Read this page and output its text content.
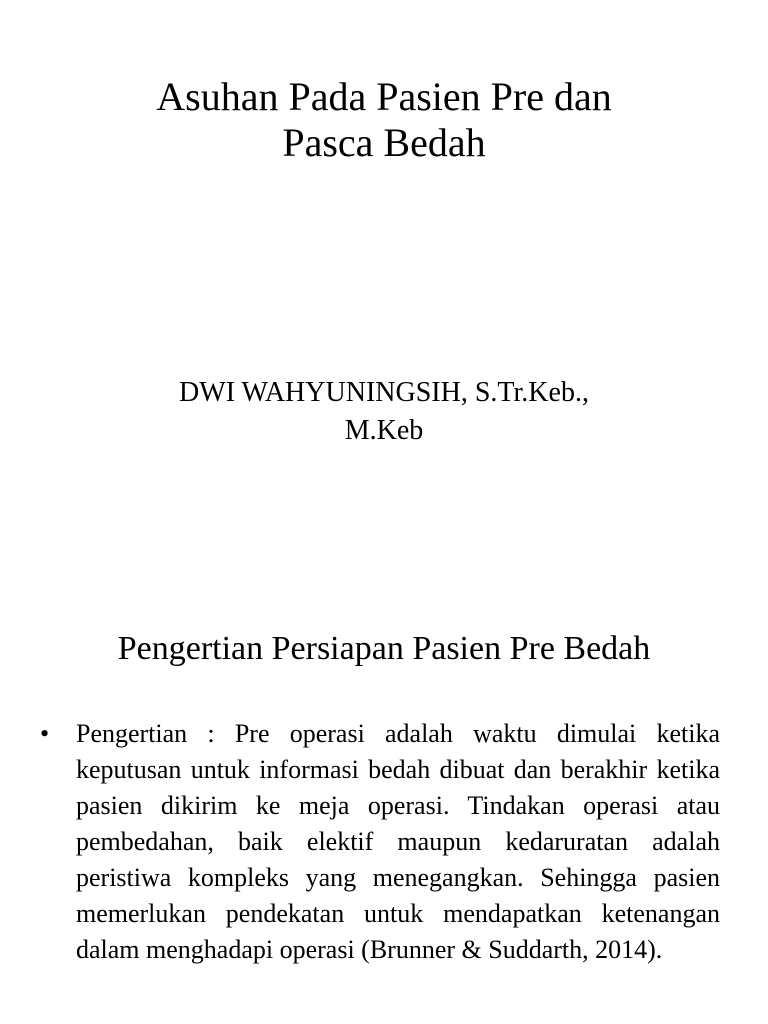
Asuhan Pada Pasien Pre dan
Pasca Bedah
DWI WAHYUNINGSIH, S.Tr.Keb.,
M.Keb
Pengertian Persiapan Pasien Pre Bedah
• Pengertian : Pre operasi adalah waktu dimulai ketika keputusan untuk informasi bedah dibuat dan berakhir ketika pasien dikirim ke meja operasi. Tindakan operasi atau pembedahan, baik elektif maupun kedaruratan adalah peristiwa kompleks yang menegangkan. Sehingga pasien memerlukan pendekatan untuk mendapatkan ketenangan dalam menghadapi operasi (Brunner & Suddarth, 2014).
